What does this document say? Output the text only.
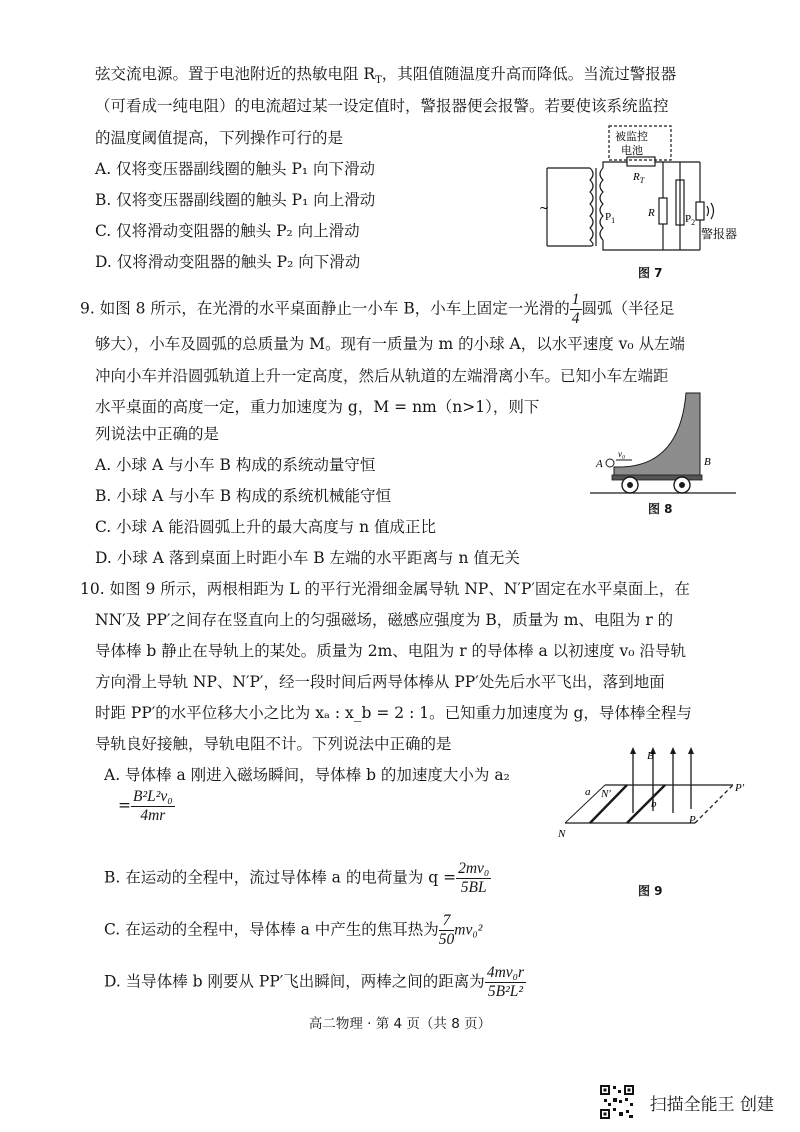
弦交流电源。置于电池附近的热敏电阻 $R_T$，其阻值随温度升高而降低。当流过警报器
（可看成一纯电阻）的电流超过某一设定值时，警报器便会报警。若要使该系统监控
的温度阈值提高，下列操作可行的是
A. 仅将变压器副线圈的触头 P₁ 向下滑动
B. 仅将变压器副线圈的触头 P₁ 向上滑动
C. 仅将滑动变阻器的触头 P₂ 向上滑动
D. 仅将滑动变阻器的触头 P₂ 向下滑动
被监控
电池
~
$R_T$
$P_1$
R	$P_2$
警报器
图 7
9. 如图 8 所示，在光滑的水平桌面静止一小车 B，小车上固定一光滑的 $\frac{1}{4}$ 圆弧（半径足
够大），小车及圆弧的总质量为 M。现有一质量为 m 的小球 A，以水平速度 v₀ 从左端
冲向小车并沿圆弧轨道上升一定高度，然后从轨道的左端滑离小车。已知小车左端距
水平桌面的高度一定，重力加速度为 g，M = nm（n>1），则下
列说法中正确的是
A. 小球 A 与小车 B 构成的系统动量守恒
B. 小球 A 与小车 B 构成的系统机械能守恒
C. 小球 A 能沿圆弧上升的最大高度与 n 值成正比
D. 小球 A 落到桌面上时距小车 B 左端的水平距离与 n 值无关
A
v₀
B
图 8
10. 如图 9 所示，两根相距为 L 的平行光滑细金属导轨 NP、N′P′固定在水平桌面上，在
NN′及 PP′之间存在竖直向上的匀强磁场，磁感应强度为 B，质量为 m、电阻为 r 的
导体棒 b 静止在导轨上的某处。质量为 2m、电阻为 r 的导体棒 a 以初速度 v₀ 沿导轨
方向滑上导轨 NP、N′P′，经一段时间后两导体棒从 PP′处先后水平飞出，落到地面
时距 PP′的水平位移大小之比为 xₐ : x_b = 2 : 1。已知重力加速度为 g，导体棒全程与
导轨良好接触，导轨电阻不计。下列说法中正确的是
A. 导体棒 a 刚进入磁场瞬间，导体棒 b 的加速度大小为 a₂
= $\frac{\text{B²L²v₀}}{4mr}$
B. 在运动的全程中，流过导体棒 a 的电荷量为 $q = \frac{\text{2mv₀}}{5BL}$
C. 在运动的全程中，导体棒 a 中产生的焦耳热为 $\frac{7}{50} mv_0^2$
D. 当导体棒 b 刚要从 PP′飞出瞬间，两棒之间的距离为 $\frac{\text{4mv₀r}}{\text{5B²L²}}$
B
a N′
b
N
P
P′
图 9
高二物理 · 第 4 页（共 8 页）
扫描全能王 创建
